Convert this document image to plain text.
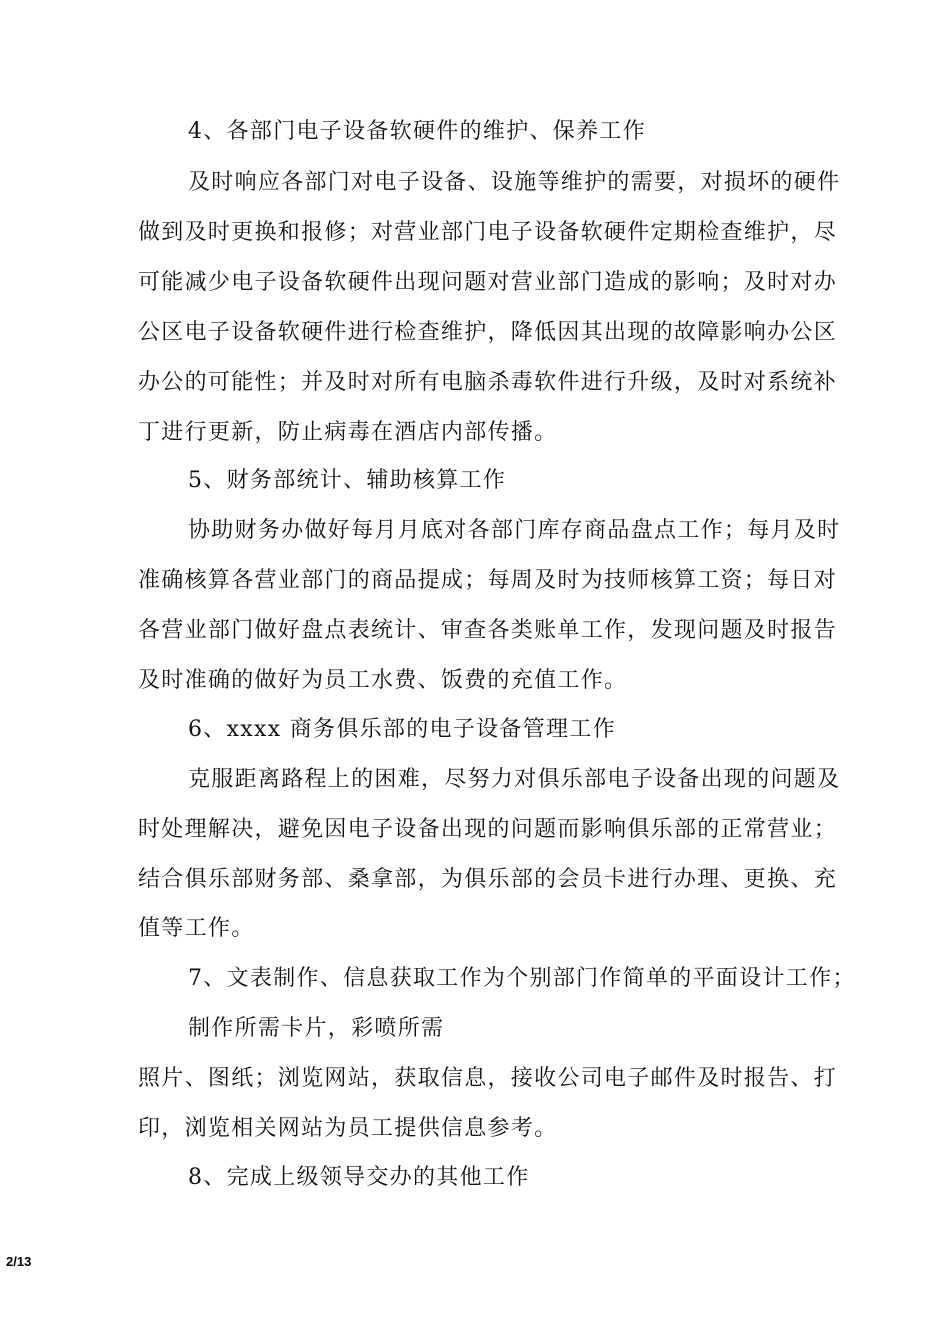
4、各部门电子设备软硬件的维护、保养工作
及时响应各部门对电子设备、设施等维护的需要，对损坏的硬件
做到及时更换和报修；对营业部门电子设备软硬件定期检查维护，尽
可能减少电子设备软硬件出现问题对营业部门造成的影响；及时对办
公区电子设备软硬件进行检查维护，降低因其出现的故障影响办公区
办公的可能性；并及时对所有电脑杀毒软件进行升级，及时对系统补
丁进行更新，防止病毒在酒店内部传播。
5、财务部统计、辅助核算工作
协助财务办做好每月月底对各部门库存商品盘点工作；每月及时
准确核算各营业部门的商品提成；每周及时为技师核算工资；每日对
各营业部门做好盘点表统计、审查各类账单工作，发现问题及时报告
及时准确的做好为员工水费、饭费的充值工作。
6、xxxx 商务俱乐部的电子设备管理工作
克服距离路程上的困难，尽努力对俱乐部电子设备出现的问题及
时处理解决，避免因电子设备出现的问题而影响俱乐部的正常营业；
结合俱乐部财务部、桑拿部，为俱乐部的会员卡进行办理、更换、充
值等工作。
7、文表制作、信息获取工作为个别部门作简单的平面设计工作；
制作所需卡片，彩喷所需
照片、图纸；浏览网站，获取信息，接收公司电子邮件及时报告、打
印，浏览相关网站为员工提供信息参考。
8、完成上级领导交办的其他工作
2/13
